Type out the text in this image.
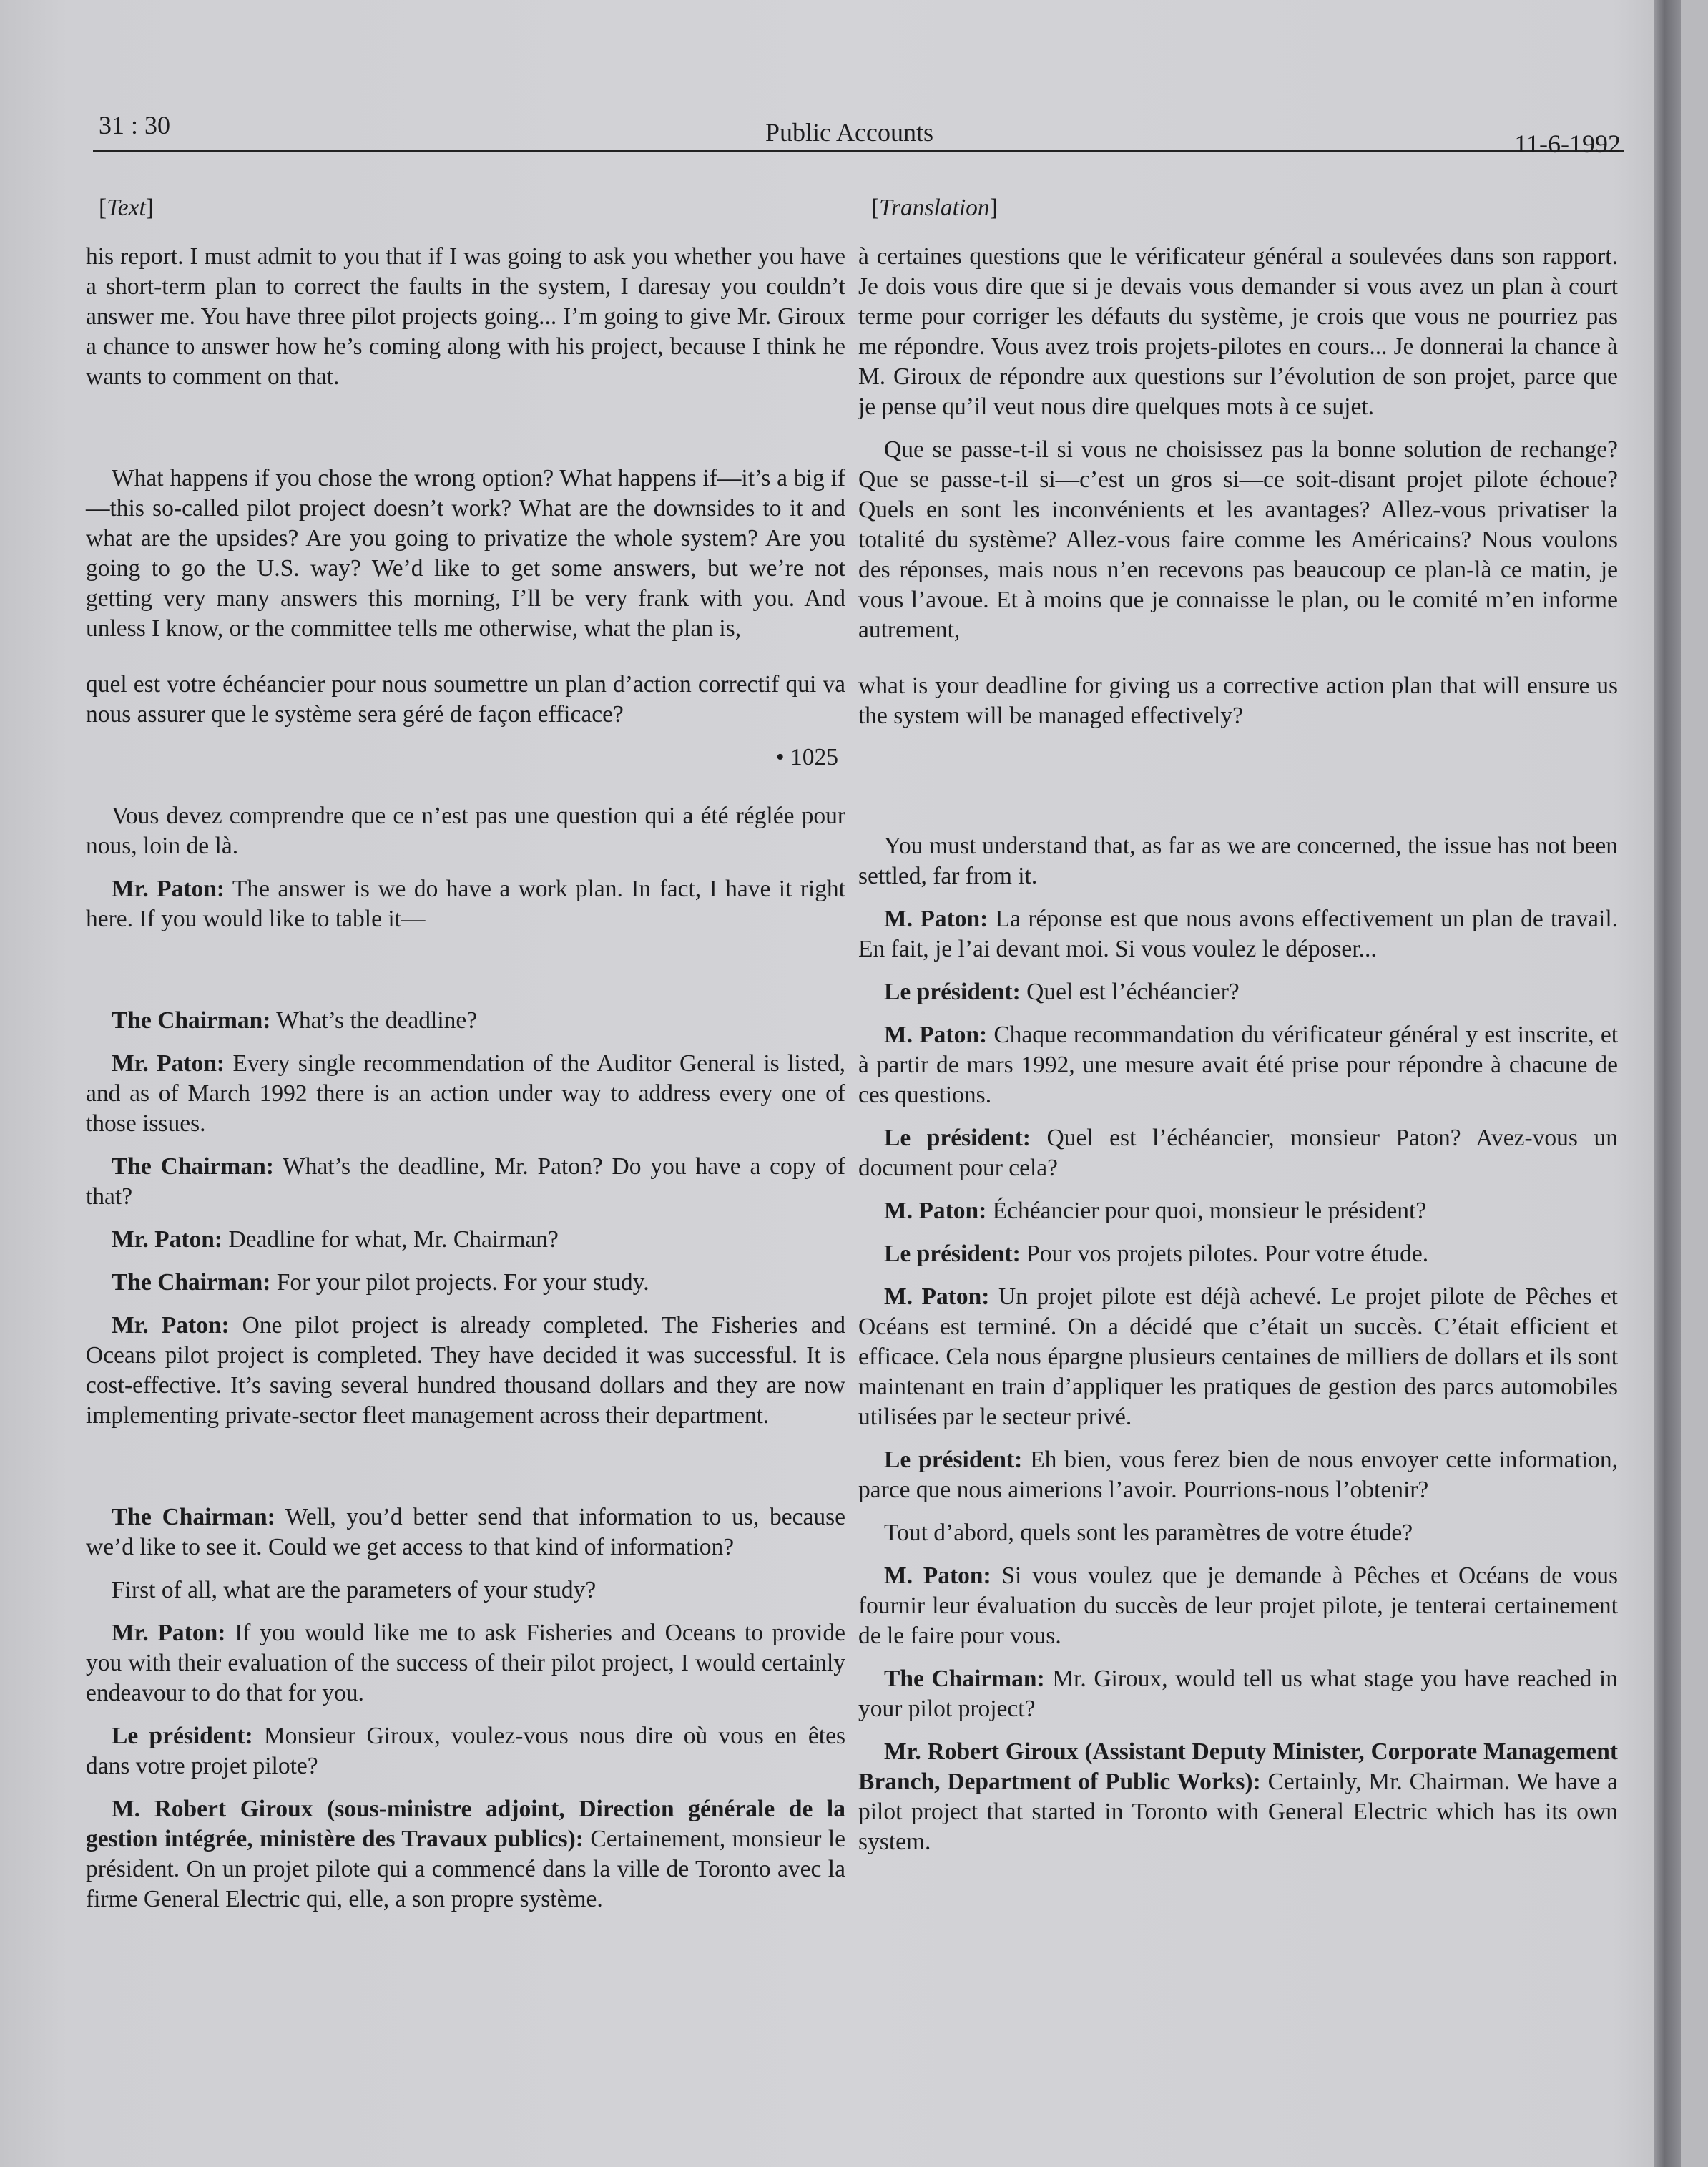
31 : 30	Public Accounts	11-6-1992
[Text]

his report. I must admit to you that if I was going to ask you whether you have a short-term plan to correct the faults in the system, I daresay you couldn’t answer me. You have three pilot projects going... I’m going to give Mr. Giroux a chance to answer how he’s coming along with his project, because I think he wants to comment on that.

What happens if you chose the wrong option? What happens if—it’s a big if—this so-called pilot project doesn’t work? What are the downsides to it and what are the upsides? Are you going to privatize the whole system? Are you going to go the U.S. way? We’d like to get some answers, but we’re not getting very many answers this morning, I’ll be very frank with you. And unless I know, or the committee tells me otherwise, what the plan is,

quel est votre échéancier pour nous soumettre un plan d’action correctif qui va nous assurer que le système sera géré de façon efficace?

• 1025

Vous devez comprendre que ce n’est pas une question qui a été réglée pour nous, loin de là.

Mr. Paton: The answer is we do have a work plan. In fact, I have it right here. If you would like to table it—

The Chairman: What’s the deadline?

Mr. Paton: Every single recommendation of the Auditor General is listed, and as of March 1992 there is an action under way to address every one of those issues.

The Chairman: What’s the deadline, Mr. Paton? Do you have a copy of that?

Mr. Paton: Deadline for what, Mr. Chairman?

The Chairman: For your pilot projects. For your study.

Mr. Paton: One pilot project is already completed. The Fisheries and Oceans pilot project is completed. They have decided it was successful. It is cost-effective. It’s saving several hundred thousand dollars and they are now implementing private-sector fleet management across their department.

The Chairman: Well, you’d better send that information to us, because we’d like to see it. Could we get access to that kind of information?

First of all, what are the parameters of your study?

Mr. Paton: If you would like me to ask Fisheries and Oceans to provide you with their evaluation of the success of their pilot project, I would certainly endeavour to do that for you.

Le président: Monsieur Giroux, voulez-vous nous dire où vous en êtes dans votre projet pilote?

M. Robert Giroux (sous-ministre adjoint, Direction générale de la gestion intégrée, ministère des Travaux publics): Certainement, monsieur le président. On un projet pilote qui a commencé dans la ville de Toronto avec la firme General Electric qui, elle, a son propre système.

[Translation]

à certaines questions que le vérificateur général a soulevées dans son rapport. Je dois vous dire que si je devais vous demander si vous avez un plan à court terme pour corriger les défauts du système, je crois que vous ne pourriez pas me répondre. Vous avez trois projets-pilotes en cours... Je donnerai la chance à M. Giroux de répondre aux questions sur l’évolution de son projet, parce que je pense qu’il veut nous dire quelques mots à ce sujet.

Que se passe-t-il si vous ne choisissez pas la bonne solution de rechange? Que se passe-t-il si—c’est un gros si—ce soit-disant projet pilote échoue? Quels en sont les inconvénients et les avantages? Allez-vous privatiser la totalité du système? Allez-vous faire comme les Américains? Nous voulons des réponses, mais nous n’en recevons pas beaucoup ce plan-là ce matin, je vous l’avoue. Et à moins que je connaisse le plan, ou le comité m’en informe autrement,

what is your deadline for giving us a corrective action plan that will ensure us the system will be managed effectively?

You must understand that, as far as we are concerned, the issue has not been settled, far from it.

M. Paton: La réponse est que nous avons effectivement un plan de travail. En fait, je l’ai devant moi. Si vous voulez le déposer...

Le président: Quel est l’échéancier?

M. Paton: Chaque recommandation du vérificateur général y est inscrite, et à partir de mars 1992, une mesure avait été prise pour répondre à chacune de ces questions.

Le président: Quel est l’échéancier, monsieur Paton? Avez-vous un document pour cela?

M. Paton: Échéancier pour quoi, monsieur le président?

Le président: Pour vos projets pilotes. Pour votre étude.

M. Paton: Un projet pilote est déjà achevé. Le projet pilote de Pêches et Océans est terminé. On a décidé que c’était un succès. C’était efficient et efficace. Cela nous épargne plusieurs centaines de milliers de dollars et ils sont maintenant en train d’appliquer les pratiques de gestion des parcs automobiles utilisées par le secteur privé.

Le président: Eh bien, vous ferez bien de nous envoyer cette information, parce que nous aimerions l’avoir. Pourrions-nous l’obtenir?

Tout d’abord, quels sont les paramètres de votre étude?

M. Paton: Si vous voulez que je demande à Pêches et Océans de vous fournir leur évaluation du succès de leur projet pilote, je tenterai certainement de le faire pour vous.

The Chairman: Mr. Giroux, would tell us what stage you have reached in your pilot project?

Mr. Robert Giroux (Assistant Deputy Minister, Corporate Management Branch, Department of Public Works): Certainly, Mr. Chairman. We have a pilot project that started in Toronto with General Electric which has its own system.
